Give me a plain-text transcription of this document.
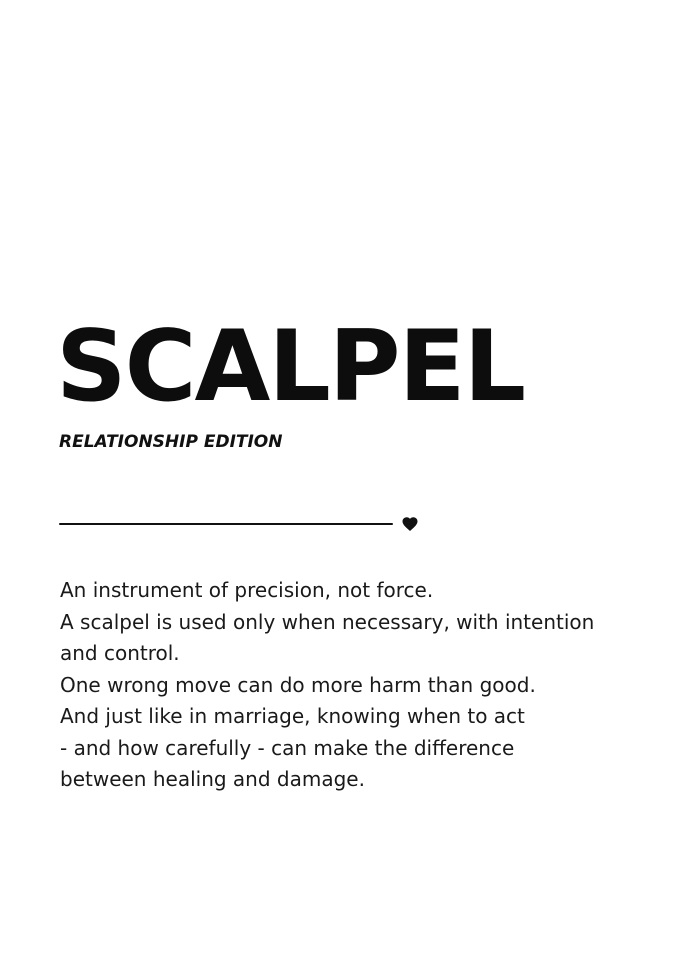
SCALPEL

RELATIONSHIP EDITION

An instrument of precision, not force.
A scalpel is used only when necessary, with intention
and control.
One wrong move can do more harm than good.
And just like in marriage, knowing when to act
- and how carefully - can make the difference
between healing and damage.
